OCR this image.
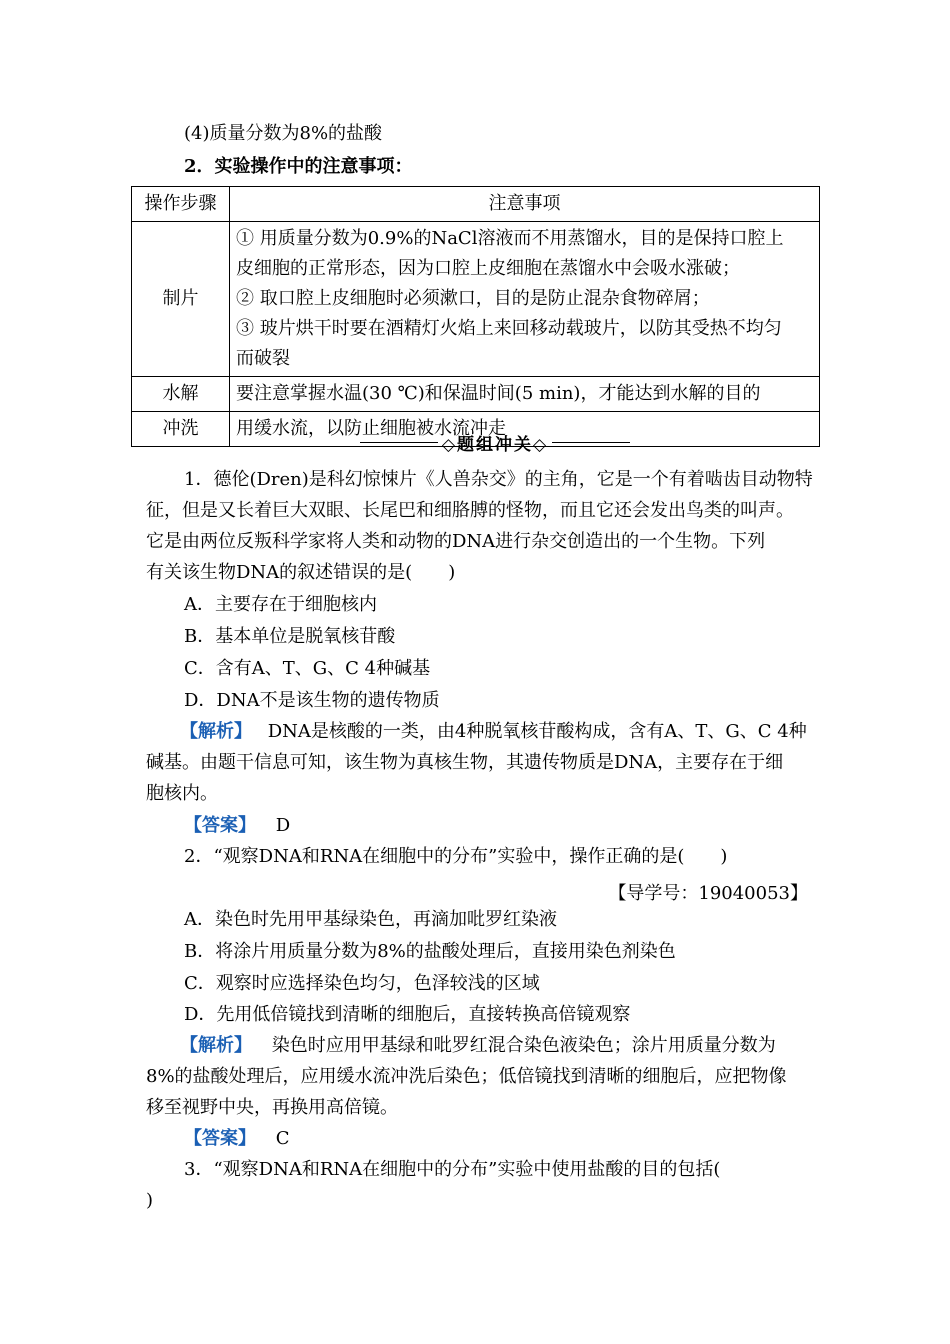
(4)质量分数为8%的盐酸
2．实验操作中的注意事项：
操作步骤	注意事项
制片	① 用质量分数为0.9%的NaCl溶液而不用蒸馏水，目的是保持口腔上
皮细胞的正常形态，因为口腔上皮细胞在蒸馏水中会吸水涨破；
② 取口腔上皮细胞时必须漱口，目的是防止混杂食物碎屑；
③ 玻片烘干时要在酒精灯火焰上来回移动载玻片，以防其受热不均匀
而破裂

水解	要注意掌握水温(30 ℃)和保温时间(5 min)，才能达到水解的目的
冲洗	用缓水流，以防止细胞被水流冲走
◇题组冲关◇
1．德伦(Dren)是科幻惊悚片《人兽杂交》的主角，它是一个有着啮齿目动物特
征，但是又长着巨大双眼、长尾巴和细胳膊的怪物，而且它还会发出鸟类的叫声。
它是由两位反叛科学家将人类和动物的DNA进行杂交创造出的一个生物。下列
有关该生物DNA的叙述错误的是(　　)
A．主要存在于细胞核内
B．基本单位是脱氧核苷酸
C．含有A、T、G、C 4种碱基
D．DNA不是该生物的遗传物质
【解析】 DNA是核酸的一类，由4种脱氧核苷酸构成，含有A、T、G、C 4种
碱基。由题干信息可知，该生物为真核生物，其遗传物质是DNA，主要存在于细
胞核内。
【答案】 D
2．“观察DNA和RNA在细胞中的分布”实验中，操作正确的是(　　)
【导学号：19040053】
A．染色时先用甲基绿染色，再滴加吡罗红染液
B．将涂片用质量分数为8%的盐酸处理后，直接用染色剂染色
C．观察时应选择染色均匀，色泽较浅的区域
D．先用低倍镜找到清晰的细胞后，直接转换高倍镜观察
【解析】 染色时应用甲基绿和吡罗红混合染色液染色；涂片用质量分数为
8%的盐酸处理后，应用缓水流冲洗后染色；低倍镜找到清晰的细胞后，应把物像
移至视野中央，再换用高倍镜。
【答案】 C
3．“观察DNA和RNA在细胞中的分布”实验中使用盐酸的目的包括(
)
